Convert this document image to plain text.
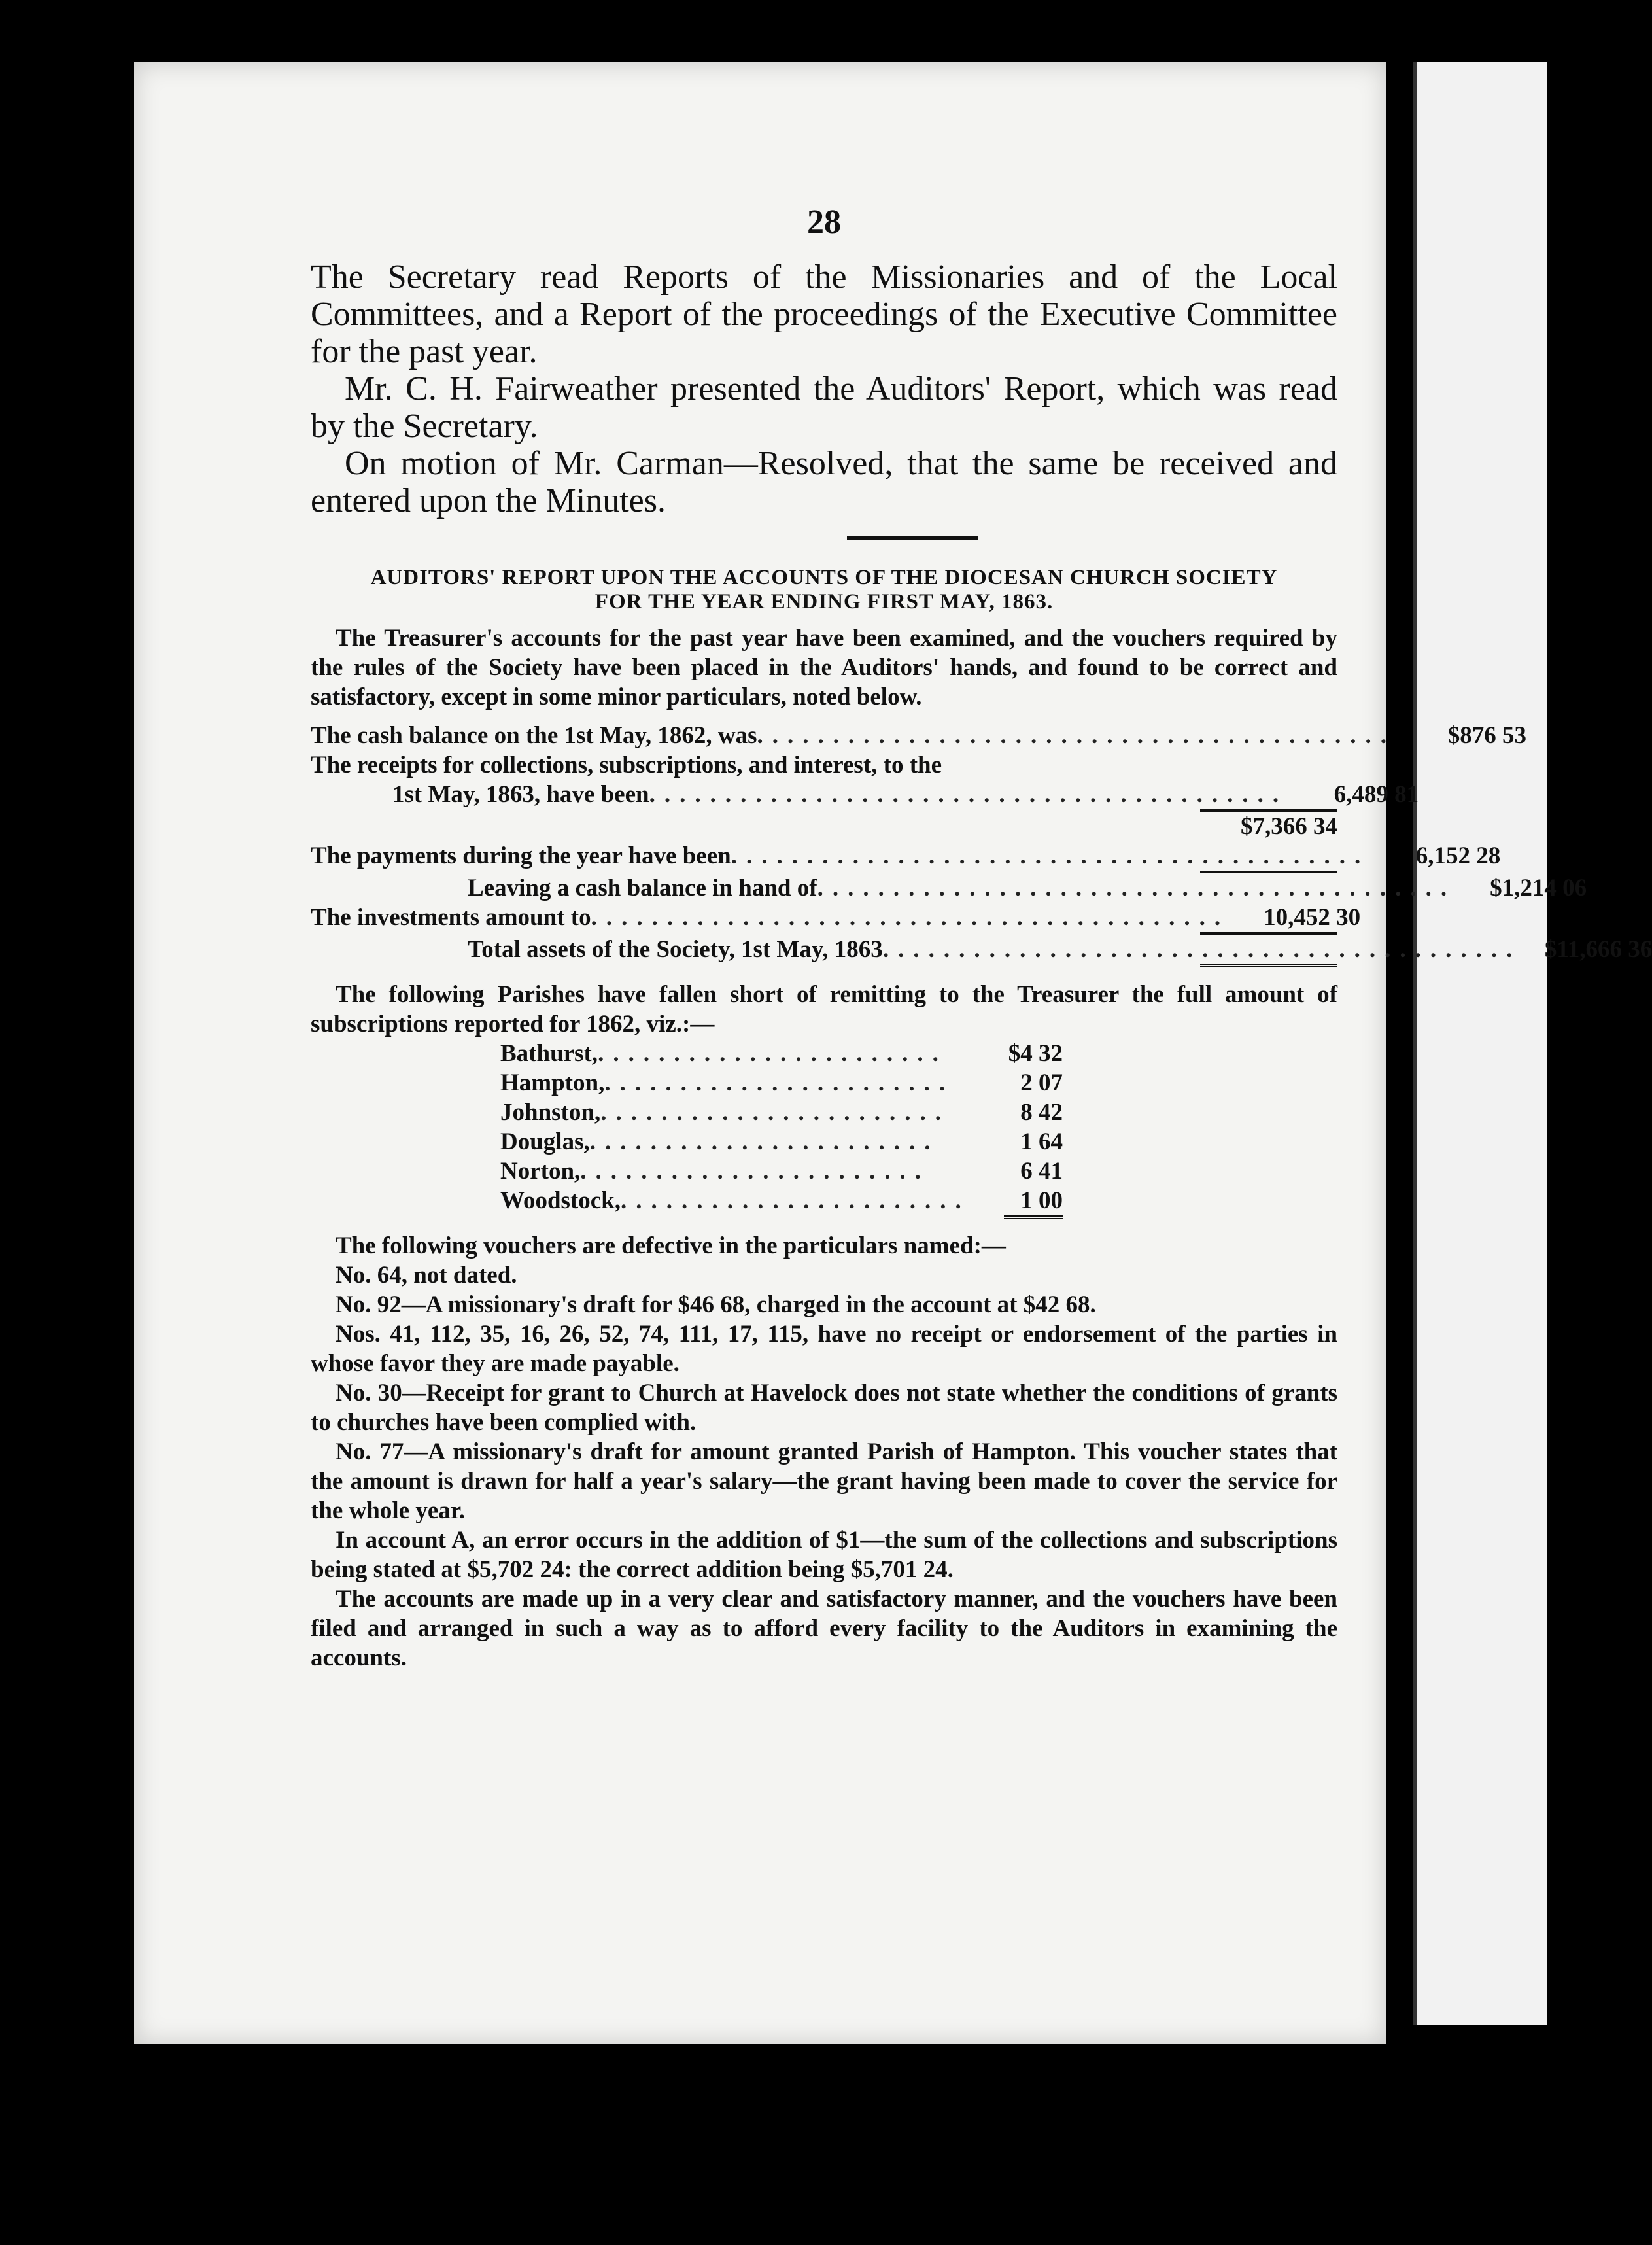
28

The Secretary read Reports of the Missionaries and of the Local Committees, and a Report of the proceedings of the Executive Committee for the past year.

Mr. C. H. Fairweather presented the Auditors' Report, which was read by the Secretary.

On motion of Mr. Carman—Resolved, that the same be received and entered upon the Minutes.

AUDITORS' REPORT UPON THE ACCOUNTS OF THE DIOCESAN CHURCH SOCIETY
FOR THE YEAR ENDING FIRST MAY, 1863.

The Treasurer's accounts for the past year have been examined, and the vouchers required by the rules of the Society have been placed in the Auditors' hands, and found to be correct and satisfactory, except in some minor particulars, noted below.

The cash balance on the 1st May, 1862, was ..........................................	$876 53
The receipts for collections, subscriptions, and interest, to the
1st May, 1863, have been ..........................................	6,489 81
$7,366 34
The payments during the year have been ..........................................	6,152 28
Leaving a cash balance in hand of ..........................................	$1,214 06
The investments amount to ..........................................	10,452 30
Total assets of the Society, 1st May, 1863 .......................................... $11,666 36

The following Parishes have fallen short of remitting to the Treasurer the full amount of subscriptions reported for 1862, viz.:—

Bathurst, .......................	$4 32
Hampton, .......................	2 07
Johnston, .......................	8 42
Douglas, .......................	1 64
Norton, .......................	6 41
Woodstock, .......................	1 00

The following vouchers are defective in the particulars named:—

No. 64, not dated.

No. 92—A missionary's draft for $46 68, charged in the account at $42 68.

Nos. 41, 112, 35, 16, 26, 52, 74, 111, 17, 115, have no receipt or endorsement of the parties in whose favor they are made payable.

No. 30—Receipt for grant to Church at Havelock does not state whether the conditions of grants to churches have been complied with.

No. 77—A missionary's draft for amount granted Parish of Hampton. This voucher states that the amount is drawn for half a year's salary—the grant having been made to cover the service for the whole year.

In account A, an error occurs in the addition of $1—the sum of the collections and subscriptions being stated at $5,702 24: the correct addition being $5,701 24.

The accounts are made up in a very clear and satisfactory manner, and the vouchers have been filed and arranged in such a way as to afford every facility to the Auditors in examining the accounts.
